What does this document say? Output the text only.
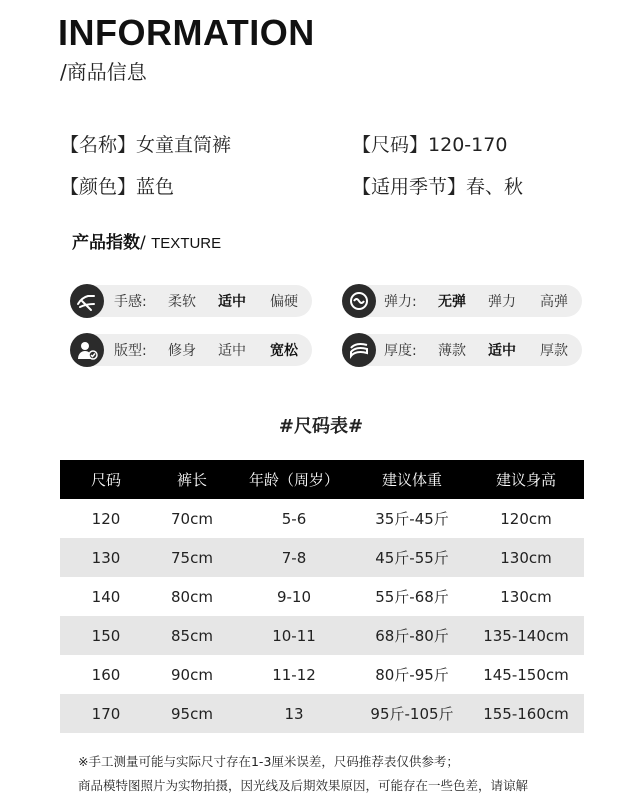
INFORMATION
/商品信息
【名称】女童直筒裤	【尺码】120-170
【颜色】蓝色	【适用季节】春、秋
产品指数/ TEXTURE
手感: 柔软 适中 偏硬	弹力: 无弹 弹力 高弹
版型: 修身 适中 宽松	厚度: 薄款 适中 厚款
#尺码表#
尺码	裤长	年龄（周岁）	建议体重	建议身高
120	70cm	5-6	35斤-45斤	120cm
130	75cm	7-8	45斤-55斤	130cm
140	80cm	9-10	55斤-68斤	130cm
150	85cm	10-11	68斤-80斤	135-140cm
160	90cm	11-12	80斤-95斤	145-150cm
170	95cm	13	95斤-105斤	155-160cm
※手工测量可能与实际尺寸存在1-3厘米误差，尺码推荐表仅供参考；
商品模特图照片为实物拍摄，因光线及后期效果原因，可能存在一些色差，请谅解
